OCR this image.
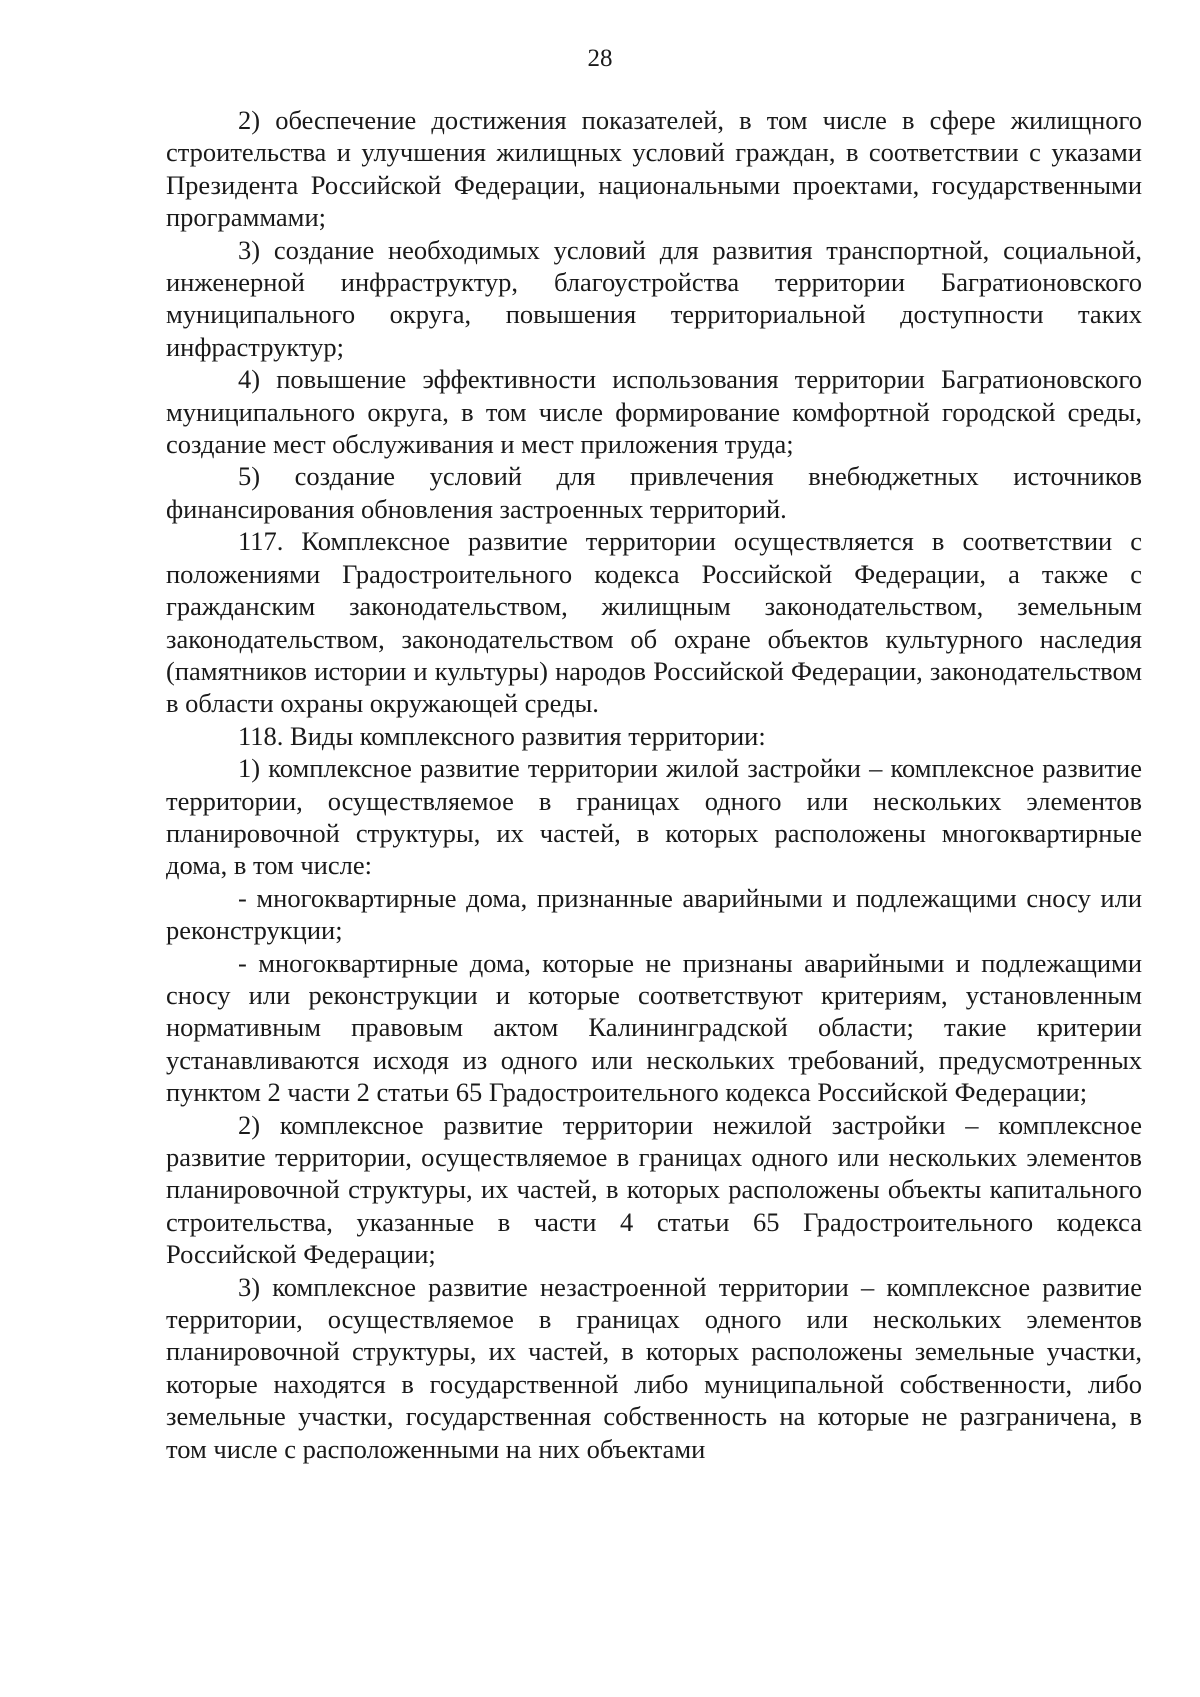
28

2) обеспечение достижения показателей, в том числе в сфере жилищного строительства и улучшения жилищных условий граждан, в соответствии с указами Президента Российской Федерации, национальными проектами, государственными программами;

3) создание необходимых условий для развития транспортной, социальной, инженерной инфраструктур, благоустройства территории Багратионовского муниципального округа, повышения территориальной доступности таких инфраструктур;

4) повышение эффективности использования территории Багратионовского муниципального округа, в том числе формирование комфортной городской среды, создание мест обслуживания и мест приложения труда;

5) создание условий для привлечения внебюджетных источников финансирования обновления застроенных территорий.

117. Комплексное развитие территории осуществляется в соответствии с положениями Градостроительного кодекса Российской Федерации, а также с гражданским законодательством, жилищным законодательством, земельным законодательством, законодательством об охране объектов культурного наследия (памятников истории и культуры) народов Российской Федерации, законодательством в области охраны окружающей среды.

118. Виды комплексного развития территории:

1) комплексное развитие территории жилой застройки – комплексное развитие территории, осуществляемое в границах одного или нескольких элементов планировочной структуры, их частей, в которых расположены многоквартирные дома, в том числе:

- многоквартирные дома, признанные аварийными и подлежащими сносу или реконструкции;

- многоквартирные дома, которые не признаны аварийными и подлежащими сносу или реконструкции и которые соответствуют критериям, установленным нормативным правовым актом Калининградской области; такие критерии устанавливаются исходя из одного или нескольких требований, предусмотренных пунктом 2 части 2 статьи 65 Градостроительного кодекса Российской Федерации;

2) комплексное развитие территории нежилой застройки – комплексное развитие территории, осуществляемое в границах одного или нескольких элементов планировочной структуры, их частей, в которых расположены объекты капитального строительства, указанные в части 4 статьи 65 Градостроительного кодекса Российской Федерации;

3) комплексное развитие незастроенной территории – комплексное развитие территории, осуществляемое в границах одного или нескольких элементов планировочной структуры, их частей, в которых расположены земельные участки, которые находятся в государственной либо муниципальной собственности, либо земельные участки, государственная собственность на которые не разграничена, в том числе с расположенными на них объектами
